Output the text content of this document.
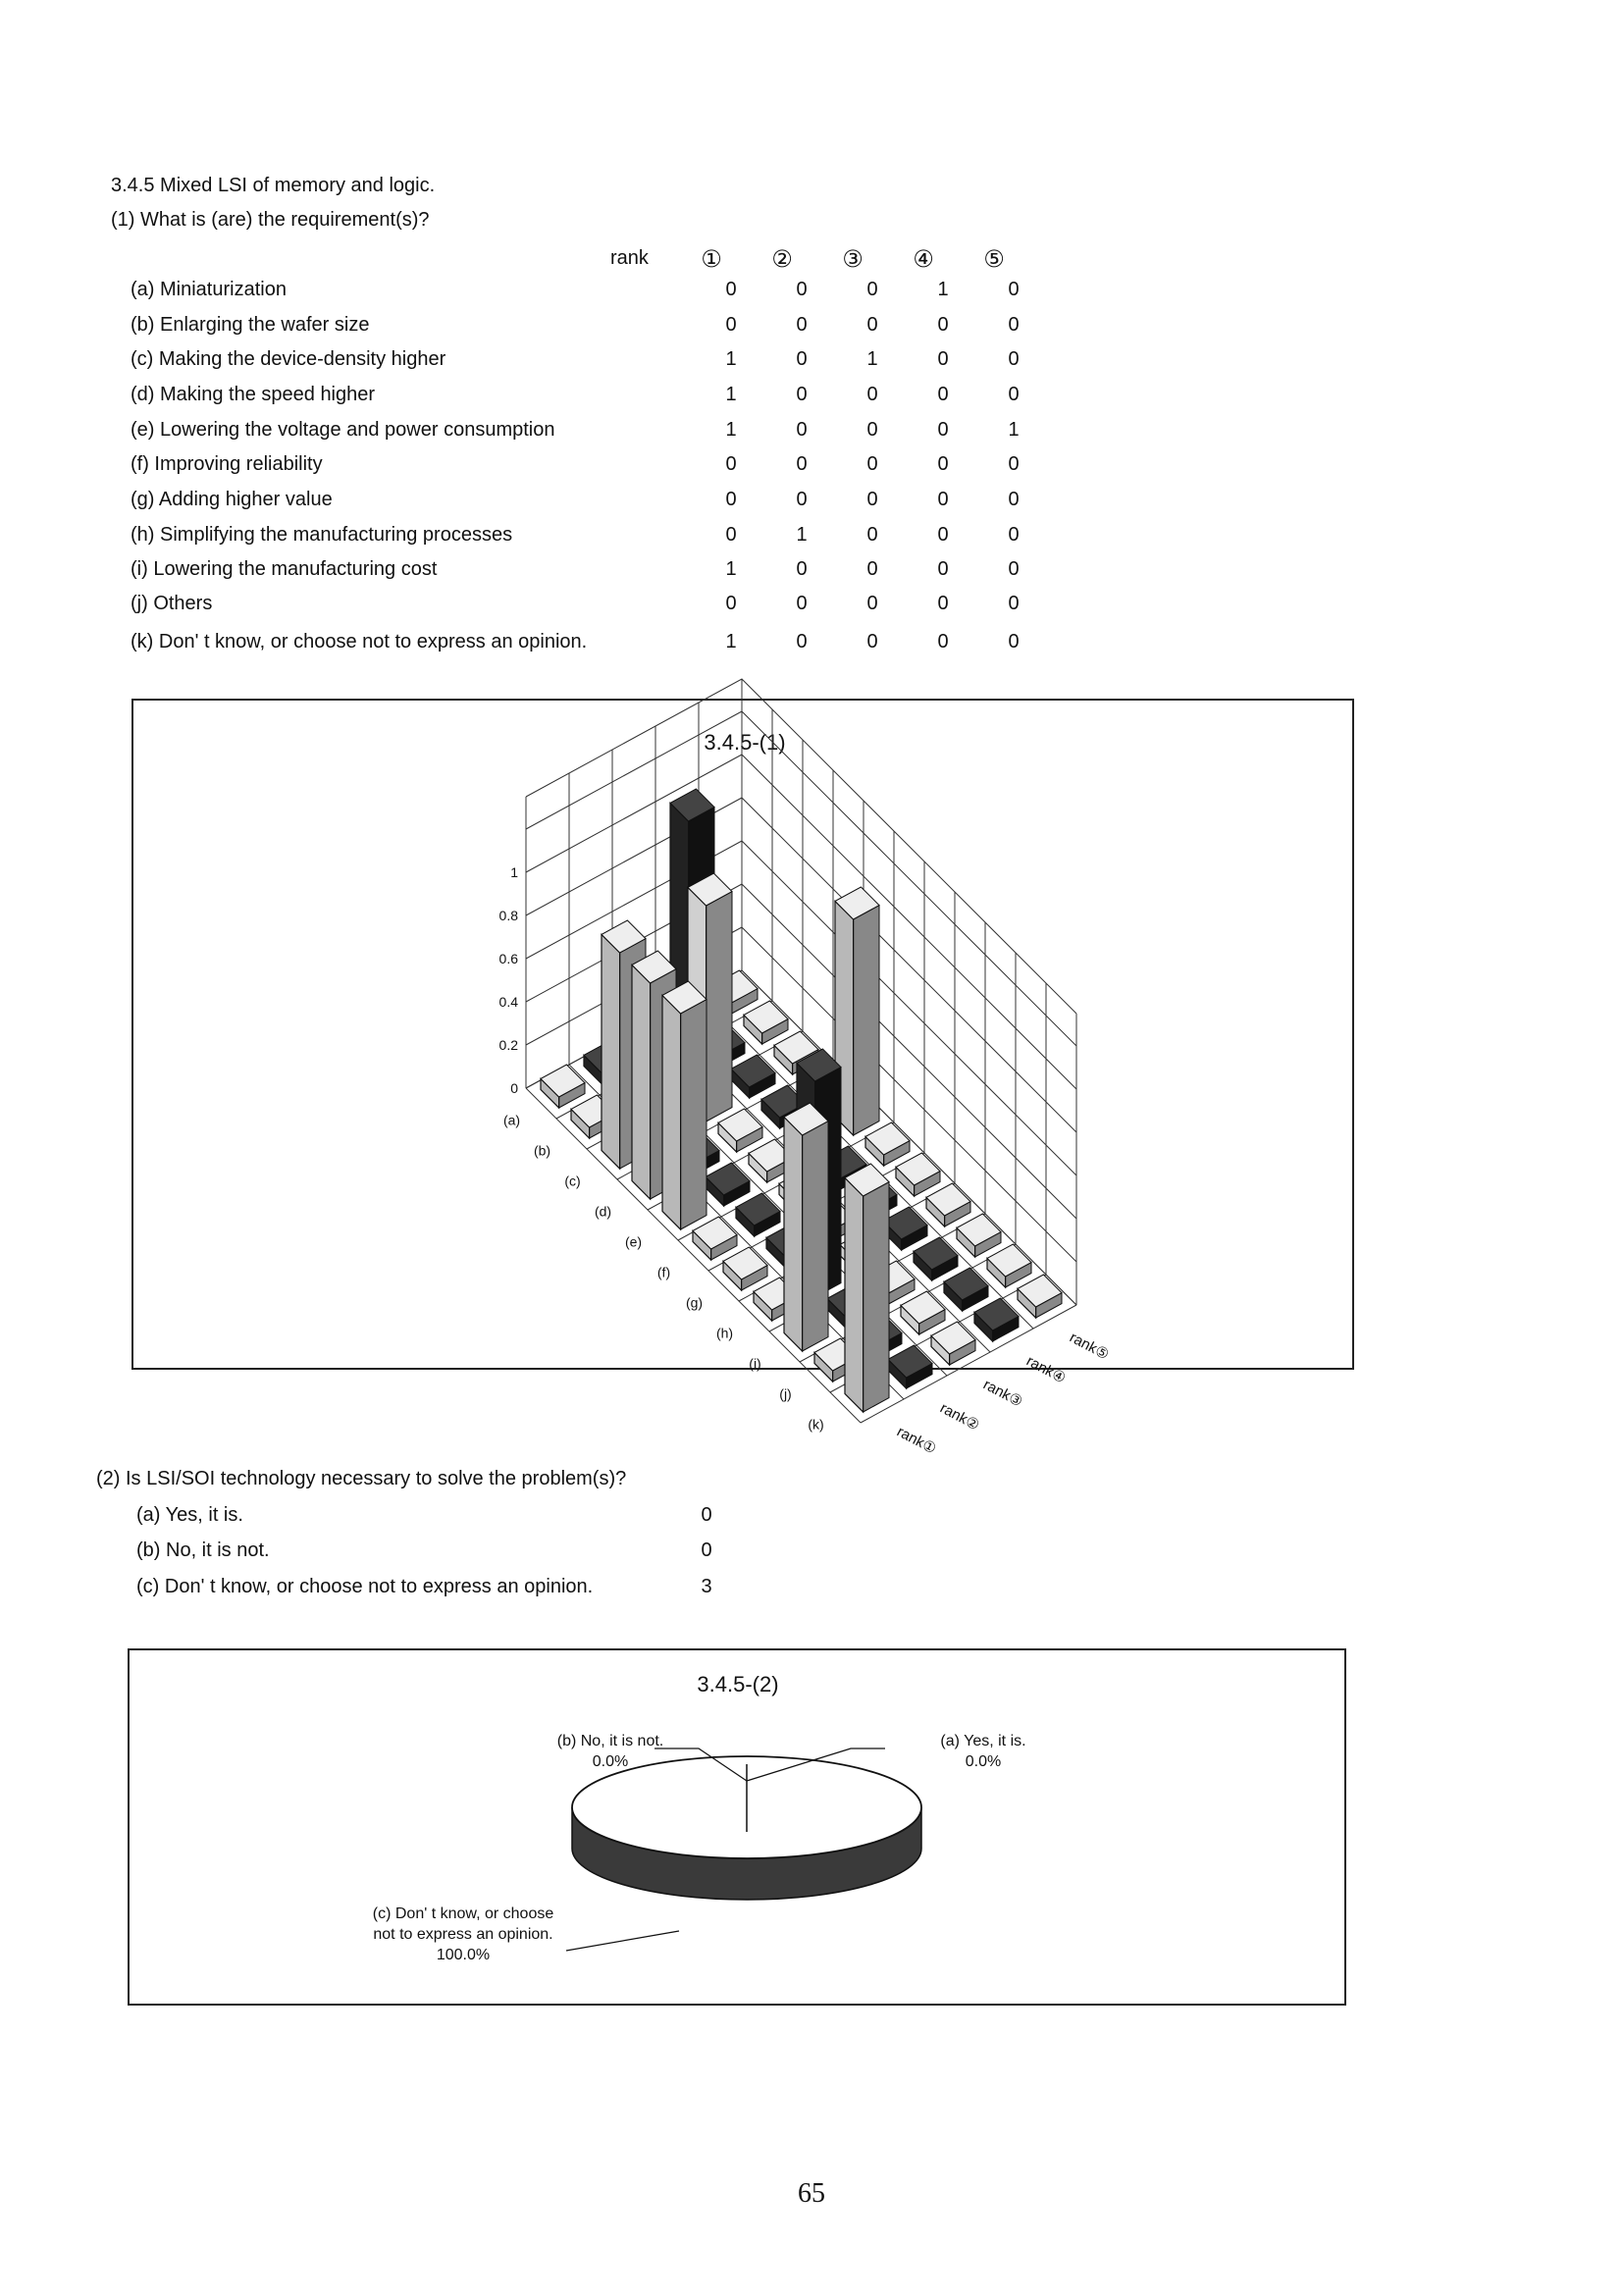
3.4.5 Mixed LSI of memory and logic.
(1) What is (are) the requirement(s)?
rank	①	②	③	④	⑤
(a) Miniaturization	0	0	0	1	0
(b) Enlarging the wafer size	0	0	0	0	0
(c) Making the device-density higher	1	0	1	0	0
(d) Making the speed higher	1	0	0	0	0
(e) Lowering the voltage and power consumption	1	0	0	0	1
(f) Improving reliability	0	0	0	0	0
(g) Adding higher value	0	0	0	0	0
(h) Simplifying the manufacturing processes	0	1	0	0	0
(i) Lowering the manufacturing cost	1	0	0	0	0
(j) Others	0	0	0	0	0
(k) Don' t know, or choose not to express an opinion.	1	0	0	0	0
3.4.5-(1)
0
0.2
0.4
0.6
0.8
1
(a)
(b)
(c)
(d)
(e)
(f)
(g)
(h)
(i)
(j)
(k)	rank①
rank②
rank③
rank④
rank⑤
(2) Is LSI/SOI technology necessary to solve the problem(s)?
(a) Yes, it is.	0
(b) No, it is not.	0
(c) Don' t know, or choose not to express an opinion.	3
3.4.5-(2)
(b) No, it is not.
0.0%
(a) Yes, it is.
0.0%
(c) Don' t know, or choose
not to express an opinion.
100.0%
65
